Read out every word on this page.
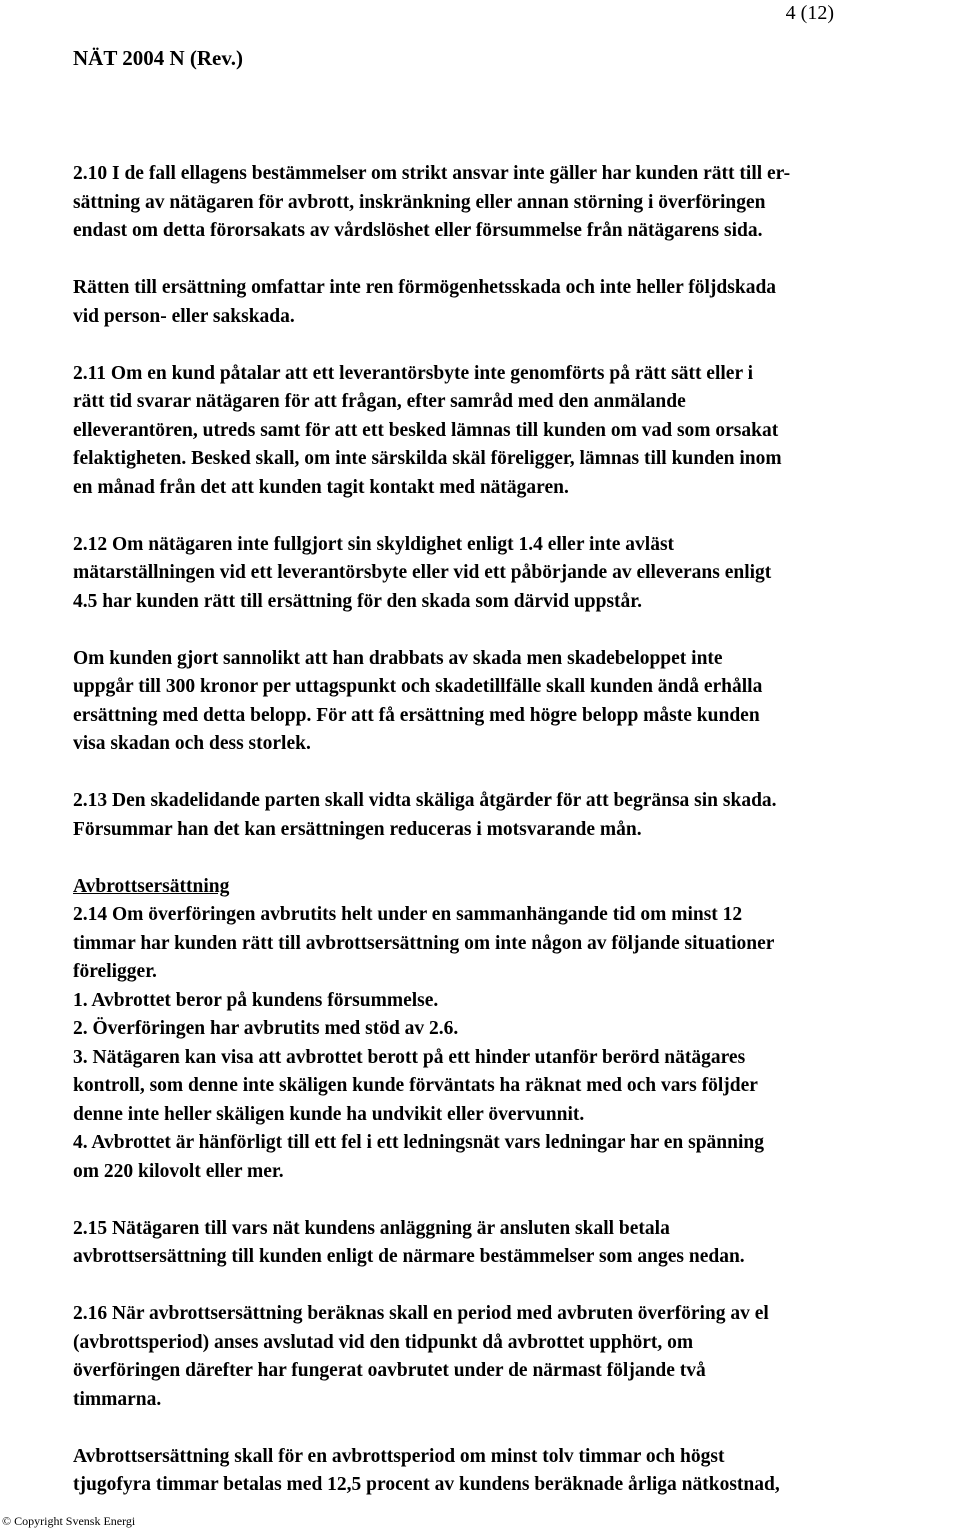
4 (12)
NÄT 2004 N (Rev.)

2.10 I de fall ellagens bestämmelser om strikt ansvar inte gäller har kunden rätt till er-
sättning av nätägaren för avbrott, inskränkning eller annan störning i överföringen
endast om detta förorsakats av vårdslöshet eller försummelse från nätägarens sida.

Rätten till ersättning omfattar inte ren förmögenhetsskada och inte heller följdskada
vid person- eller sakskada.

2.11 Om en kund påtalar att ett leverantörsbyte inte genomförts på rätt sätt eller i
rätt tid svarar nätägaren för att frågan, efter samråd med den anmälande
elleverantören, utreds samt för att ett besked lämnas till kunden om vad som orsakat
felaktigheten. Besked skall, om inte särskilda skäl föreligger, lämnas till kunden inom
en månad från det att kunden tagit kontakt med nätägaren.

2.12 Om nätägaren inte fullgjort sin skyldighet enligt 1.4 eller inte avläst
mätarställningen vid ett leverantörsbyte eller vid ett påbörjande av elleverans enligt
4.5 har kunden rätt till ersättning för den skada som därvid uppstår.

Om kunden gjort sannolikt att han drabbats av skada men skadebeloppet inte
uppgår till 300 kronor per uttagspunkt och skadetillfälle skall kunden ändå erhålla
ersättning med detta belopp. För att få ersättning med högre belopp måste kunden
visa skadan och dess storlek.

2.13 Den skadelidande parten skall vidta skäliga åtgärder för att begränsa sin skada.
Försummar han det kan ersättningen reduceras i motsvarande mån.

Avbrottsersättning

2.14 Om överföringen avbrutits helt under en sammanhängande tid om minst 12
timmar har kunden rätt till avbrottsersättning om inte någon av följande situationer
föreligger.
1. Avbrottet beror på kundens försummelse.
2. Överföringen har avbrutits med stöd av 2.6.
3. Nätägaren kan visa att avbrottet berott på ett hinder utanför berörd nätägares
kontroll, som denne inte skäligen kunde förväntats ha räknat med och vars följder
denne inte heller skäligen kunde ha undvikit eller övervunnit.
4. Avbrottet är hänförligt till ett fel i ett ledningsnät vars ledningar har en spänning
om 220 kilovolt eller mer.

2.15 Nätägaren till vars nät kundens anläggning är ansluten skall betala
avbrottsersättning till kunden enligt de närmare bestämmelser som anges nedan.

2.16 När avbrottsersättning beräknas skall en period med avbruten överföring av el
(avbrottsperiod) anses avslutad vid den tidpunkt då avbrottet upphört, om
överföringen därefter har fungerat oavbrutet under de närmast följande två
timmarna.

Avbrottsersättning skall för en avbrottsperiod om minst tolv timmar och högst
tjugofyra timmar betalas med 12,5 procent av kundens beräknade årliga nätkostnad,

© Copyright Svensk Energi
